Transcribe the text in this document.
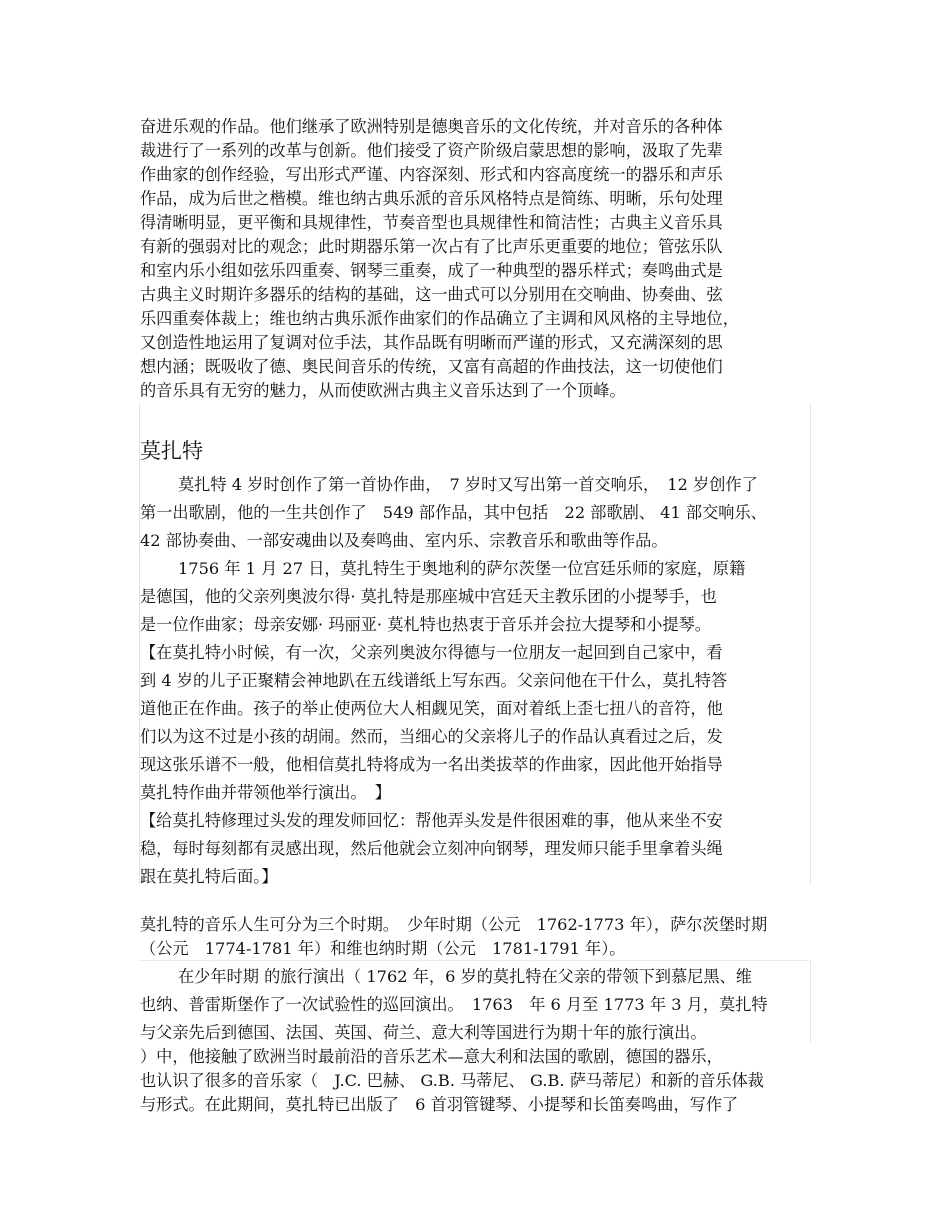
奋进乐观的作品。他们继承了欧洲特别是德奥音乐的文化传统，并对音乐的各种体
裁进行了一系列的改革与创新。他们接受了资产阶级启蒙思想的影响，汲取了先辈
作曲家的创作经验，写出形式严谨、内容深刻、形式和内容高度统一的器乐和声乐
作品，成为后世之楷模。维也纳古典乐派的音乐风格特点是简练、明晰，乐句处理
得清晰明显，更平衡和具规律性，节奏音型也具规律性和简洁性；古典主义音乐具
有新的强弱对比的观念；此时期器乐第一次占有了比声乐更重要的地位；管弦乐队
和室内乐小组如弦乐四重奏、钢琴三重奏，成了一种典型的器乐样式；奏鸣曲式是
古典主义时期许多器乐的结构的基础，这一曲式可以分别用在交响曲、协奏曲、弦
乐四重奏体裁上；维也纳古典乐派作曲家们的作品确立了主调和风风格的主导地位，
又创造性地运用了复调对位手法，其作品既有明晰而严谨的形式，又充满深刻的思
想内涵；既吸收了德、奥民间音乐的传统，又富有高超的作曲技法，这一切使他们
的音乐具有无穷的魅力，从而使欧洲古典主义音乐达到了一个顶峰。
莫扎特
莫扎特 4 岁时创作了第一首协作曲，　7 岁时又写出第一首交响乐，　12 岁创作了
第一出歌剧，他的一生共创作了　549 部作品，其中包括　22 部歌剧、 41 部交响乐、
42 部协奏曲、一部安魂曲以及奏鸣曲、室内乐、宗教音乐和歌曲等作品。
1756 年 1 月 27 日，莫扎特生于奥地利的萨尔茨堡一位宫廷乐师的家庭，原籍
是德国，他的父亲列奥波尔得· 莫扎特是那座城中宫廷天主教乐团的小提琴手，也
是一位作曲家；母亲安娜· 玛丽亚· 莫札特也热衷于音乐并会拉大提琴和小提琴。
【在莫扎特小时候，有一次，父亲列奥波尔得德与一位朋友一起回到自己家中，看
到 4 岁的儿子正聚精会神地趴在五线谱纸上写东西。父亲问他在干什么，莫扎特答
道他正在作曲。孩子的举止使两位大人相觑见笑，面对着纸上歪七扭八的音符，他
们以为这不过是小孩的胡闹。然而，当细心的父亲将儿子的作品认真看过之后，发
现这张乐谱不一般，他相信莫扎特将成为一名出类拔萃的作曲家，因此他开始指导
莫扎特作曲并带领他举行演出。　】
【给莫扎特修理过头发的理发师回忆：帮他弄头发是件很困难的事，他从来坐不安
稳，每时每刻都有灵感出现，然后他就会立刻冲向钢琴，理发师只能手里拿着头绳
跟在莫扎特后面。】
莫扎特的音乐人生可分为三个时期。　少年时期（公元　1762-1773 年），萨尔茨堡时期
（公元　1774-1781 年）和维也纳时期（公元　1781-1791 年）。
在少年时期 的旅行演出（ 1762 年，6 岁的莫扎特在父亲的带领下到慕尼黑、维
也纳、普雷斯堡作了一次试验性的巡回演出。　1763　年 6 月至 1773 年 3 月，莫扎特
与父亲先后到德国、法国、英国、荷兰、意大利等国进行为期十年的旅行演出。
）中，他接触了欧洲当时最前沿的音乐艺术—意大利和法国的歌剧，德国的器乐，
也认识了很多的音乐家（　J.C. 巴赫、 G.B. 马蒂尼、 G.B. 萨马蒂尼）和新的音乐体裁
与形式。在此期间，莫扎特已出版了　6 首羽管键琴、小提琴和长笛奏鸣曲，写作了
